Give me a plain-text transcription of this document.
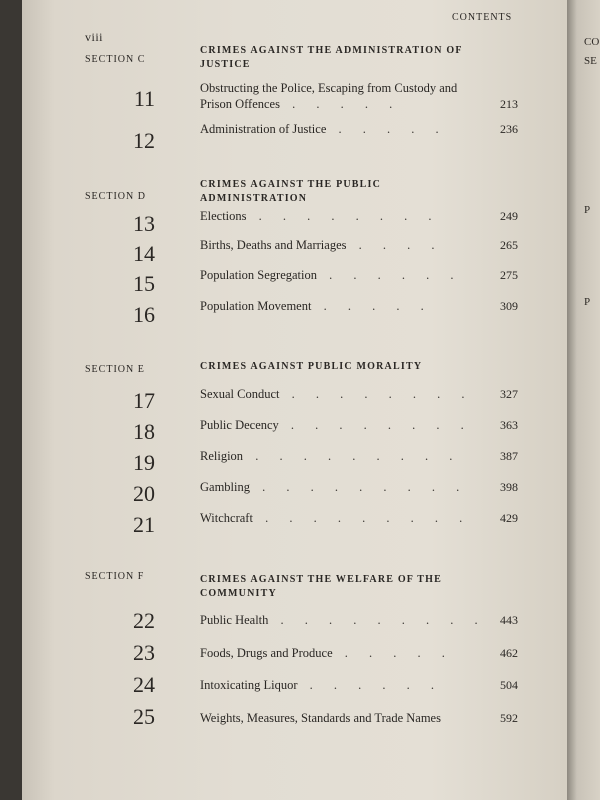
CO
SE
P
P
CONTENTS
viii
SECTION C
CRIMES AGAINST THE ADMINISTRATION OF JUSTICE
11	Obstructing the Police, Escaping from Custody and Prison Offences . . . . .	213
12	Administration of Justice . . . . .	236
SECTION D
CRIMES AGAINST THE PUBLIC ADMINISTRATION
13	Elections . . . . . . . .	249
14	Births, Deaths and Marriages . . . .	265
15	Population Segregation . . . . . .	275
16	Population Movement . . . . .	309
SECTION E	CRIMES AGAINST PUBLIC MORALITY
17	Sexual Conduct . . . . . . . .	327
18	Public Decency . . . . . . . .	363
19	Religion . . . . . . . . .	387
20	Gambling . . . . . . . . .	398
21	Witchcraft . . . . . . . . .	429
SECTION F	CRIMES AGAINST THE WELFARE OF THE COMMUNITY
22	Public Health . . . . . . . . .	443
23	Foods, Drugs and Produce . . . . .	462
24	Intoxicating Liquor . . . . . .	504
25	Weights, Measures, Standards and Trade Names	592
